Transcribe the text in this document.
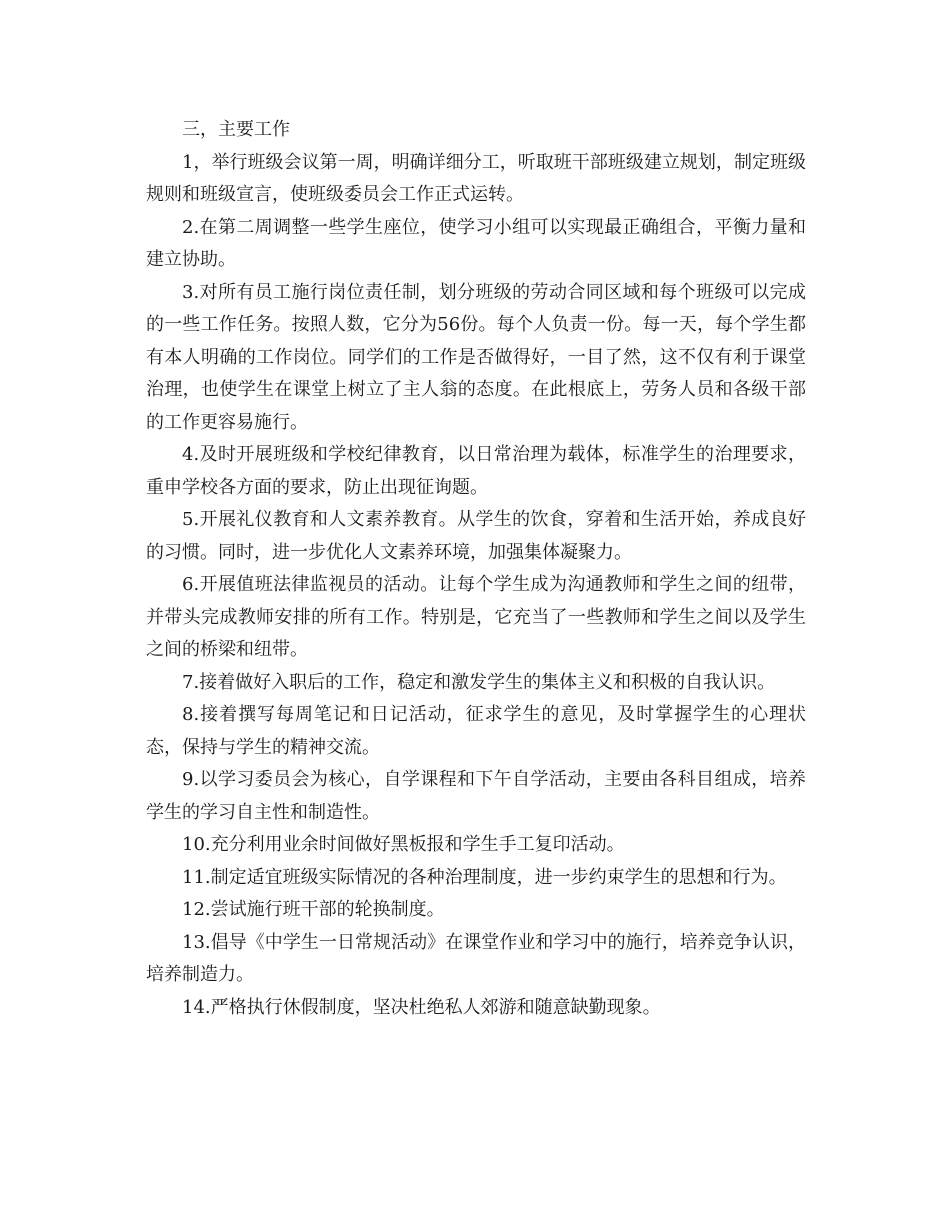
三，主要工作

1，举行班级会议第一周，明确详细分工，听取班干部班级建立规划，制定班级规则和班级宣言，使班级委员会工作正式运转。

2.在第二周调整一些学生座位，使学习小组可以实现最正确组合，平衡力量和建立协助。

3.对所有员工施行岗位责任制，划分班级的劳动合同区域和每个班级可以完成的一些工作任务。按照人数，它分为56份。每个人负责一份。每一天，每个学生都有本人明确的工作岗位。同学们的工作是否做得好，一目了然，这不仅有利于课堂治理，也使学生在课堂上树立了主人翁的态度。在此根底上，劳务人员和各级干部的工作更容易施行。

4.及时开展班级和学校纪律教育，以日常治理为载体，标准学生的治理要求，重申学校各方面的要求，防止出现征询题。

5.开展礼仪教育和人文素养教育。从学生的饮食，穿着和生活开始，养成良好的习惯。同时，进一步优化人文素养环境，加强集体凝聚力。

6.开展值班法律监视员的活动。让每个学生成为沟通教师和学生之间的纽带，并带头完成教师安排的所有工作。特别是，它充当了一些教师和学生之间以及学生之间的桥梁和纽带。

7.接着做好入职后的工作，稳定和激发学生的集体主义和积极的自我认识。

8.接着撰写每周笔记和日记活动，征求学生的意见，及时掌握学生的心理状态，保持与学生的精神交流。

9.以学习委员会为核心，自学课程和下午自学活动，主要由各科目组成，培养学生的学习自主性和制造性。

10.充分利用业余时间做好黑板报和学生手工复印活动。

11.制定适宜班级实际情况的各种治理制度，进一步约束学生的思想和行为。

12.尝试施行班干部的轮换制度。

13.倡导《中学生一日常规活动》在课堂作业和学习中的施行，培养竞争认识，培养制造力。

14.严格执行休假制度，坚决杜绝私人郊游和随意缺勤现象。
